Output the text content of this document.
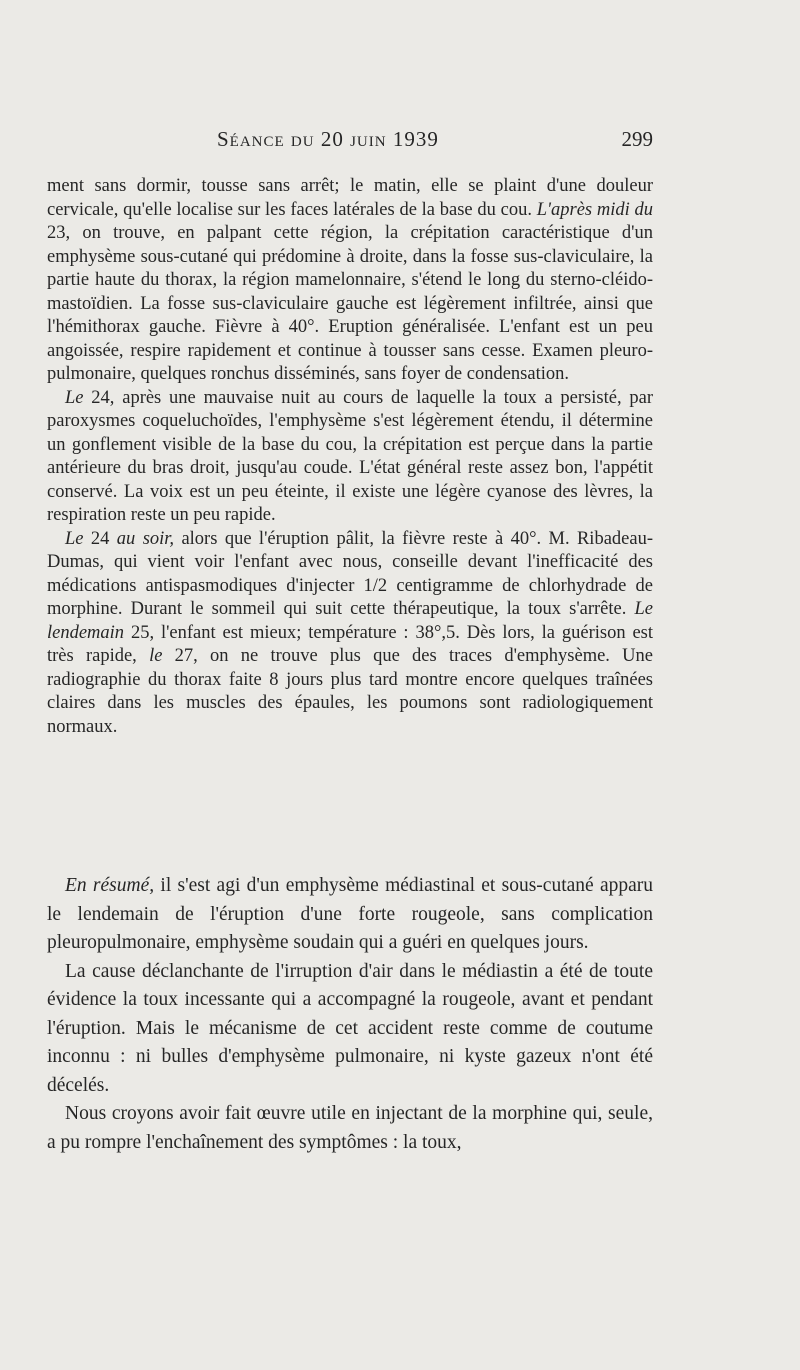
Séance du 20 juin 1939	299

ment sans dormir, tousse sans arrêt; le matin, elle se plaint d'une douleur cervicale, qu'elle localise sur les faces latérales de la base du cou. L'après midi du 23, on trouve, en palpant cette région, la crépitation caractéristique d'un emphysème sous-cutané qui prédomine à droite, dans la fosse sus-claviculaire, la partie haute du thorax, la région mamelonnaire, s'étend le long du sterno-cléido-mastoïdien. La fosse sus-claviculaire gauche est légèrement infiltrée, ainsi que l'hémithorax gauche. Fièvre à 40°. Eruption généralisée. L'enfant est un peu angoissée, respire rapidement et continue à tousser sans cesse. Examen pleuro-pulmonaire, quelques ronchus disséminés, sans foyer de condensation.

Le 24, après une mauvaise nuit au cours de laquelle la toux a persisté, par paroxysmes coqueluchoïdes, l'emphysème s'est légèrement étendu, il détermine un gonflement visible de la base du cou, la crépitation est perçue dans la partie antérieure du bras droit, jusqu'au coude. L'état général reste assez bon, l'appétit conservé. La voix est un peu éteinte, il existe une légère cyanose des lèvres, la respiration reste un peu rapide.

Le 24 au soir, alors que l'éruption pâlit, la fièvre reste à 40°. M. Ribadeau-Dumas, qui vient voir l'enfant avec nous, conseille devant l'inefficacité des médications antispasmodiques d'injecter 1/2 centigramme de chlorhydrade de morphine. Durant le sommeil qui suit cette thérapeutique, la toux s'arrête. Le lendemain 25, l'enfant est mieux; température : 38°,5. Dès lors, la guérison est très rapide, le 27, on ne trouve plus que des traces d'emphysème. Une radiographie du thorax faite 8 jours plus tard montre encore quelques traînées claires dans les muscles des épaules, les poumons sont radiologiquement normaux.

En résumé, il s'est agi d'un emphysème médiastinal et sous-cutané apparu le lendemain de l'éruption d'une forte rougeole, sans complication pleuropulmonaire, emphysème soudain qui a guéri en quelques jours.

La cause déclanchante de l'irruption d'air dans le médiastin a été de toute évidence la toux incessante qui a accompagné la rougeole, avant et pendant l'éruption. Mais le mécanisme de cet accident reste comme de coutume inconnu : ni bulles d'emphysème pulmonaire, ni kyste gazeux n'ont été décelés.

Nous croyons avoir fait œuvre utile en injectant de la morphine qui, seule, a pu rompre l'enchaînement des symptômes : la toux,
